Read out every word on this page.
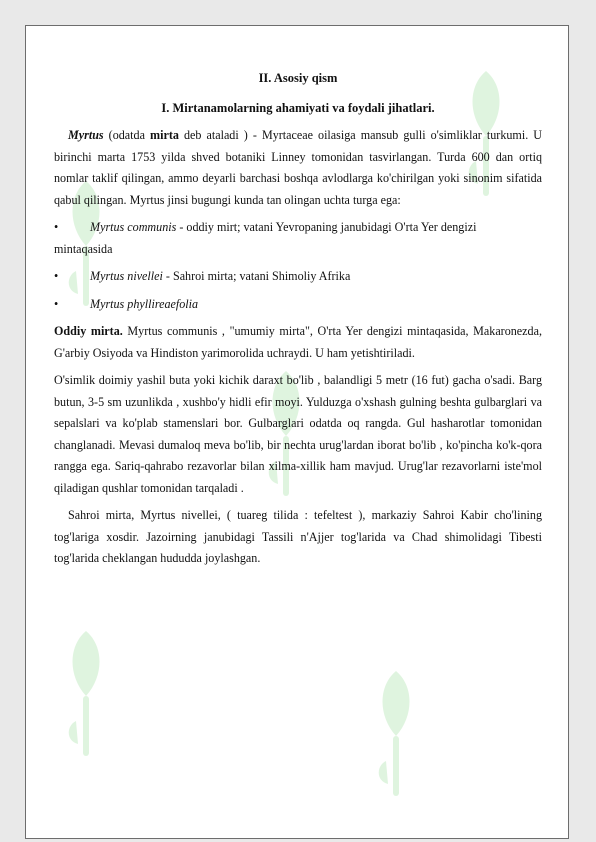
II. Asosiy qism
I. Mirtanamolarning ahamiyati va foydali jihatlari.

Myrtus (odatda mirta deb ataladi ) - Myrtaceae oilasiga mansub gulli o'simliklar turkumi. U birinchi marta 1753 yilda shved botaniki Linney tomonidan tasvirlangan. Turda 600 dan ortiq nomlar taklif qilingan, ammo deyarli barchasi boshqa avlodlarga ko'chirilgan yoki sinonim sifatida qabul qilingan. Myrtus jinsi bugungi kunda tan olingan uchta turga ega:

•	Myrtus communis - oddiy mirt; vatani Yevropaning janubidagi O'rta Yer dengizi

mintaqasida

•	Myrtus nivellei - Sahroi mirta; vatani Shimoliy Afrika
•	Myrtus phyllireaefolia

Oddiy mirta. Myrtus communis , "umumiy mirta", O'rta Yer dengizi mintaqasida, Makaronezda, G'arbiy Osiyoda va Hindiston yarimorolida uchraydi. U ham yetishtiriladi.

O'simlik doimiy yashil buta yoki kichik daraxt bo'lib , balandligi 5 metr (16 fut) gacha o'sadi. Barg butun, 3-5 sm uzunlikda , xushbo'y hidli efir moyi. Yulduzga o'xshash gulning beshta gulbarglari va sepalslari va ko'plab stamenslari bor. Gulbarglari odatda oq rangda. Gul hasharotlar tomonidan changlanadi. Mevasi dumaloq meva bo'lib, bir nechta urug'lardan iborat bo'lib , ko'pincha ko'k-qora rangga ega. Sariq-qahrabo rezavorlar bilan xilma-xillik ham mavjud. Urug'lar rezavorlarni iste'mol qiladigan qushlar tomonidan tarqaladi .

Sahroi mirta, Myrtus nivellei, ( tuareg tilida : tefeltest ), markaziy Sahroi Kabir cho'lining tog'lariga xosdir. Jazoirning janubidagi Tassili n'Ajjer tog'larida va Chad shimolidagi Tibesti tog'larida cheklangan hududda joylashgan.
